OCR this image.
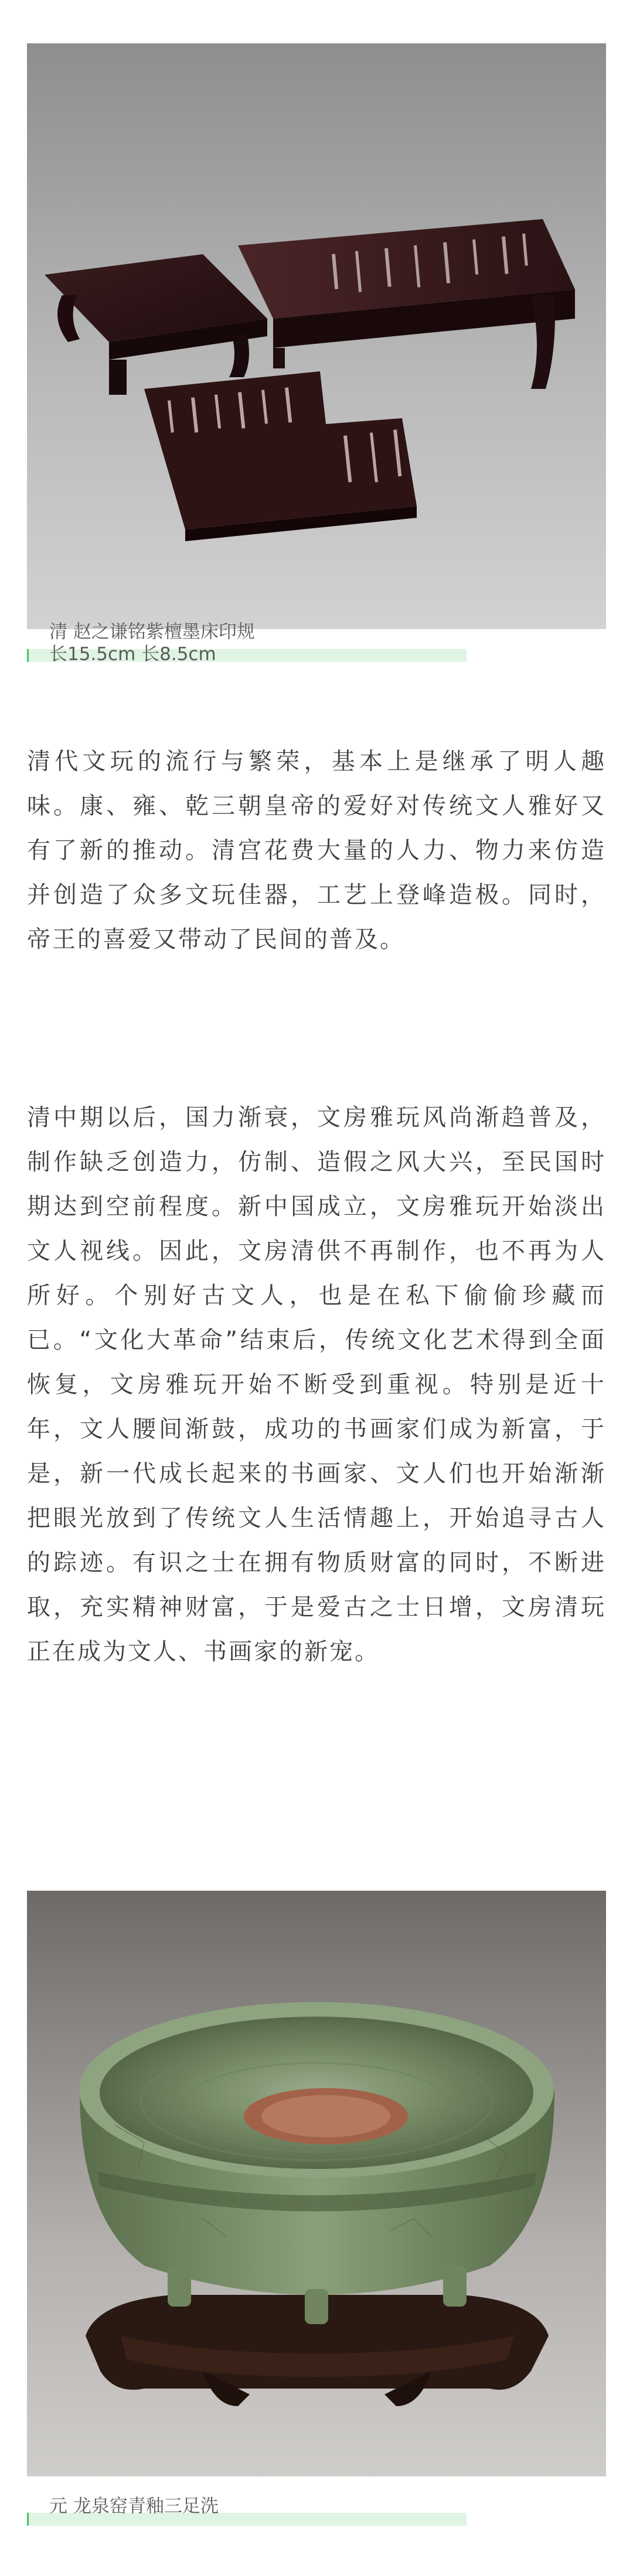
清 赵之谦铭紫檀墨床印规
长15.5cm 长8.5cm

清代文玩的流行与繁荣，基本上是继承了明人趣味。康、雍、乾三朝皇帝的爱好对传统文人雅好又有了新的推动。清宫花费大量的人力、物力来仿造并创造了众多文玩佳器，工艺上登峰造极。同时，帝王的喜爱又带动了民间的普及。

清中期以后，国力渐衰，文房雅玩风尚渐趋普及，制作缺乏创造力，仿制、造假之风大兴，至民国时期达到空前程度。新中国成立，文房雅玩开始淡出文人视线。因此，文房清供不再制作，也不再为人所好。个别好古文人，也是在私下偷偷珍藏而已。“文化大革命”结束后，传统文化艺术得到全面恢复，文房雅玩开始不断受到重视。特别是近十年，文人腰间渐鼓，成功的书画家们成为新富，于是，新一代成长起来的书画家、文人们也开始渐渐把眼光放到了传统文人生活情趣上，开始追寻古人的踪迹。有识之士在拥有物质财富的同时，不断进取，充实精神财富，于是爱古之士日增，文房清玩正在成为文人、书画家的新宠。

元 龙泉窑青釉三足洗
